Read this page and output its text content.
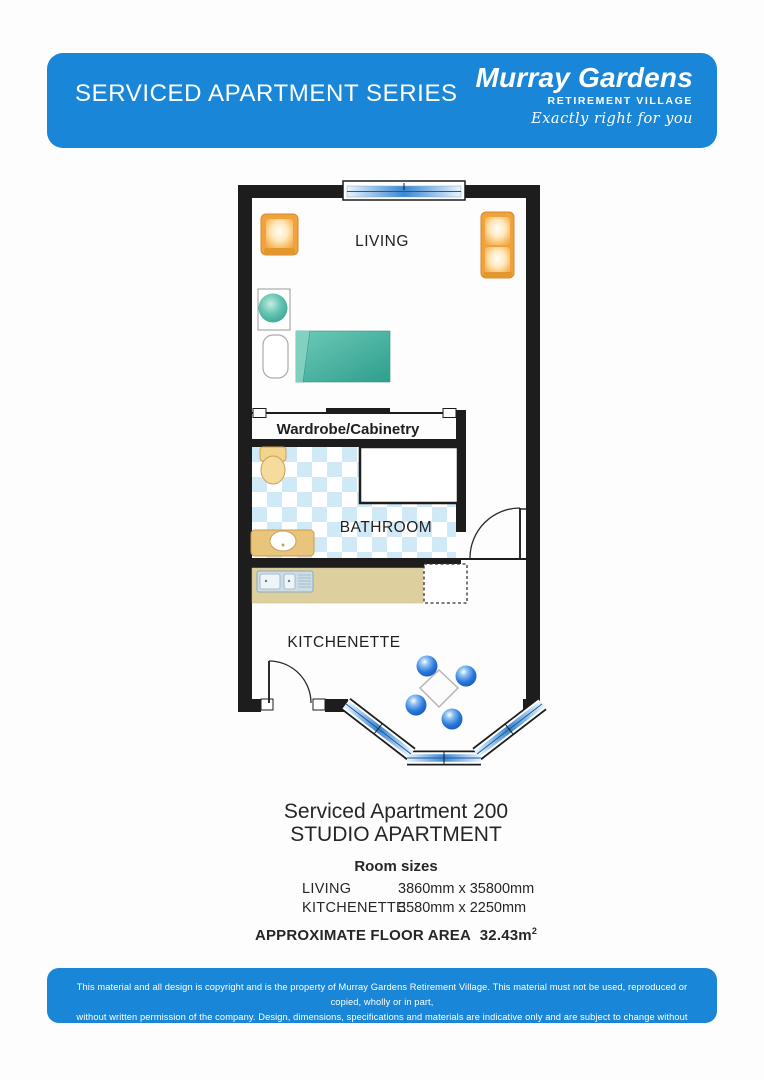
SERVICED APARTMENT SERIES
Murray Gardens
RETIREMENT VILLAGE
Exactly right for you
LIVING
Wardrobe/Cabinetry
BATHROOM
KITCHENETTE
Serviced Apartment 200
STUDIO APARTMENT
Room sizes
LIVING	3860mm x 35800mm
KITCHENETTE
3580mm x 2250mm
APPROXIMATE FLOOR AREA $32.43m^2$
This material and all design is copyright and is the property of Murray Gardens Retirement Village. This material must not be used, reproduced or copied, wholly or in part,
without written permission of the company. Design, dimensions, specifications and materials are indicative only and are subject to change without notice.
